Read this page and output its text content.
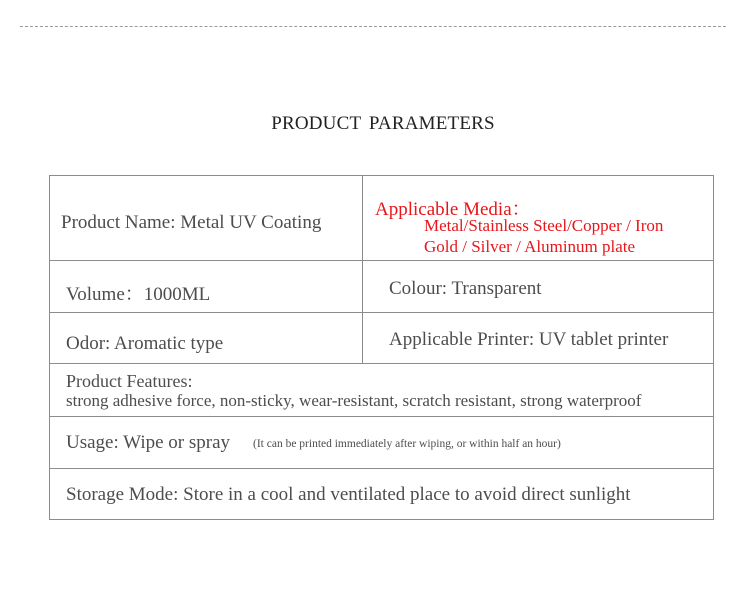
PRODUCT PARAMETERS
Product Name: Metal UV Coating
Applicable Media：
Metal/Stainless Steel/Copper / Iron
Gold / Silver / Aluminum plate
Volume：1000ML	Colour: Transparent
Odor: Aromatic type	Applicable Printer: UV tablet printer
Product Features:
strong adhesive force, non-sticky, wear-resistant, scratch resistant, strong waterproof
Usage: Wipe or spray (It can be printed immediately after wiping, or within half an hour)
Storage Mode: Store in a cool and ventilated place to avoid direct sunlight
